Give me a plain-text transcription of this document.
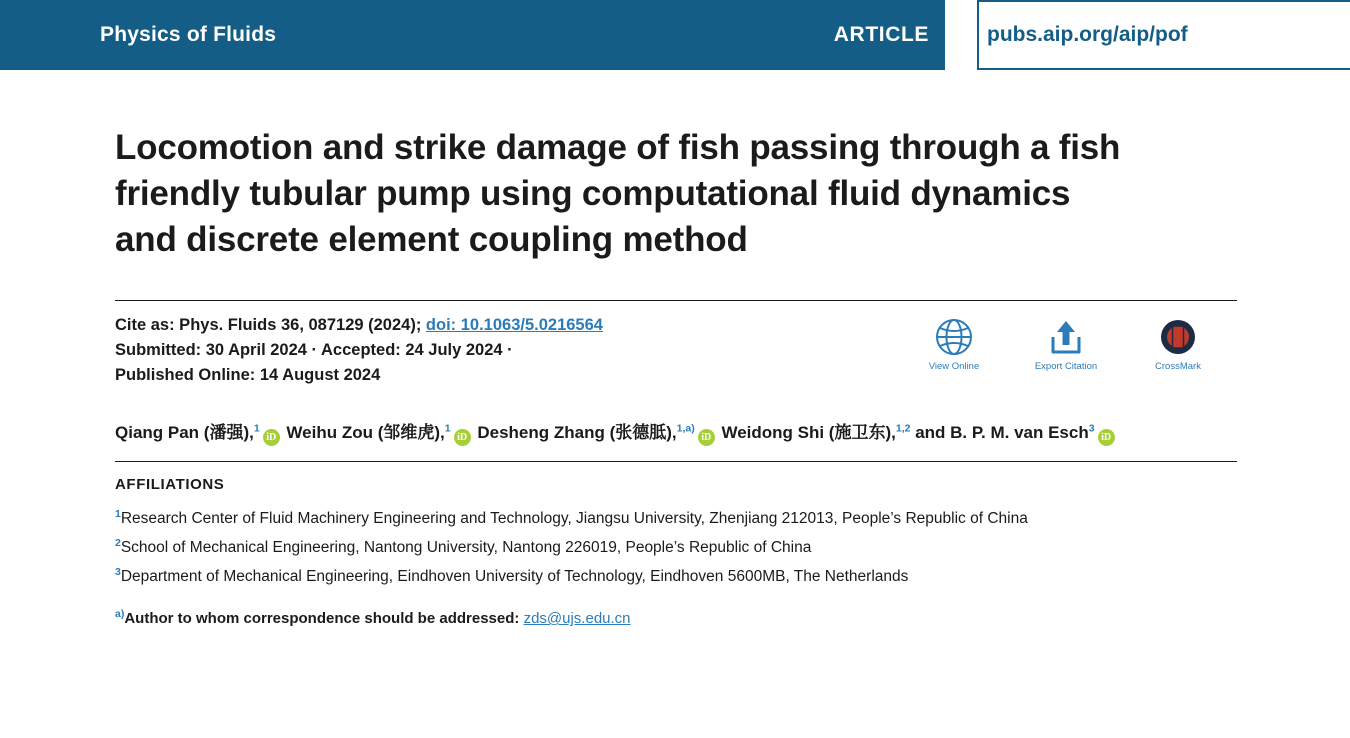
Physics of Fluids	ARTICLE	pubs.aip.org/aip/pof
Locomotion and strike damage of fish passing through a fish friendly tubular pump using computational fluid dynamics and discrete element coupling method
Cite as: Phys. Fluids 36, 087129 (2024); doi: 10.1063/5.0216564
Submitted: 30 April 2024 · Accepted: 24 July 2024 ·
Published Online: 14 August 2024	View Online	Export Citation	CrossMark
Qiang Pan (潘强),$^1$iD Weihu Zou (邹维虎),$^1$iD Desheng Zhang (张德胝),$^{1,a)}$iD Weidong Shi (施卫东),$^{1,2}$ and B. P. M. van Esch$^3$iD
AFFILIATIONS
$^1$Research Center of Fluid Machinery Engineering and Technology, Jiangsu University, Zhenjiang 212013, People’s Republic of China
$^2$School of Mechanical Engineering, Nantong University, Nantong 226019, People’s Republic of China
$^3$Department of Mechanical Engineering, Eindhoven University of Technology, Eindhoven 5600MB, The Netherlands
$^{a)}$Author to whom correspondence should be addressed: zds@ujs.edu.cn
